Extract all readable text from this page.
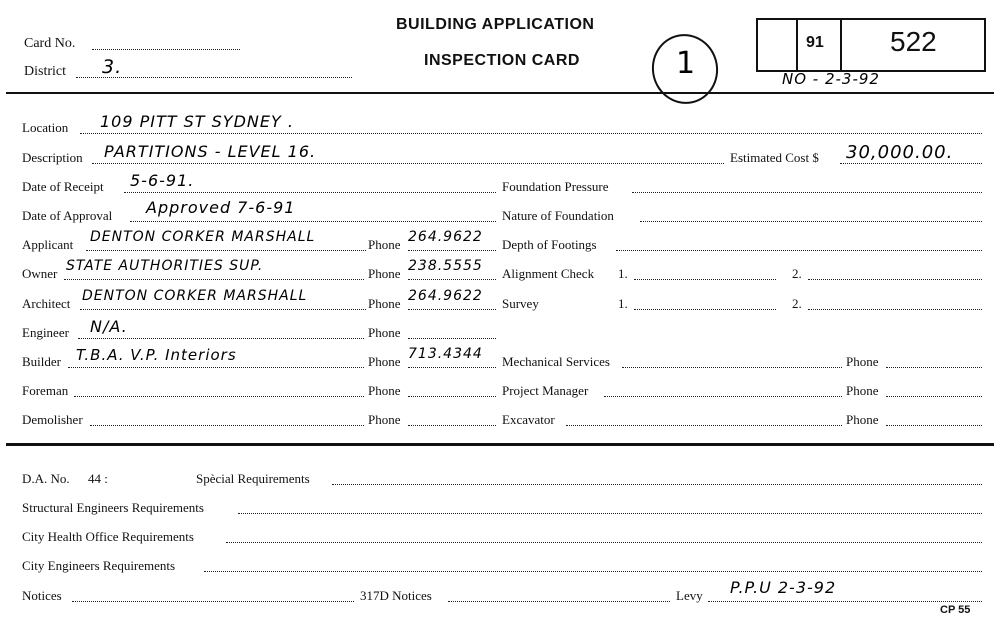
Card No.
District 3.
BUILDING APPLICATION
INSPECTION CARD	1
91 522
NO - 2-3-92
Location 109 PITT ST SYDNEY .
Description PARTITIONS - LEVEL 16.	Estimated Cost $ 30,000.00.
Date of Receipt 5-6-91.	Foundation Pressure
Date of Approval Approved 7-6-91	Nature of Foundation
Applicant DENTON CORKER MARSHALL	Phone 264.9622 Depth of Footings
Owner STATE AUTHORITIES SUP.	Phone 238.5555 Alignment Check 1.	2.
Architect DENTON CORKER MARSHALL	Phone 264.9622 Survey	1.	2.
Engineer N/A.	Phone
Builder T.B.A. V.P. Interiors	Phone 713.4344 Mechanical Services	Phone
Foreman	Phone	Project Manager	Phone
Demolisher	Phone	Excavator	Phone
D.A. No. 44 :	Spècial Requirements
Structural Engineers Requirements
City Health Office Requirements
City Engineers Requirements
Notices	317D Notices	Levy P.P.U 2-3-92
CP 55
